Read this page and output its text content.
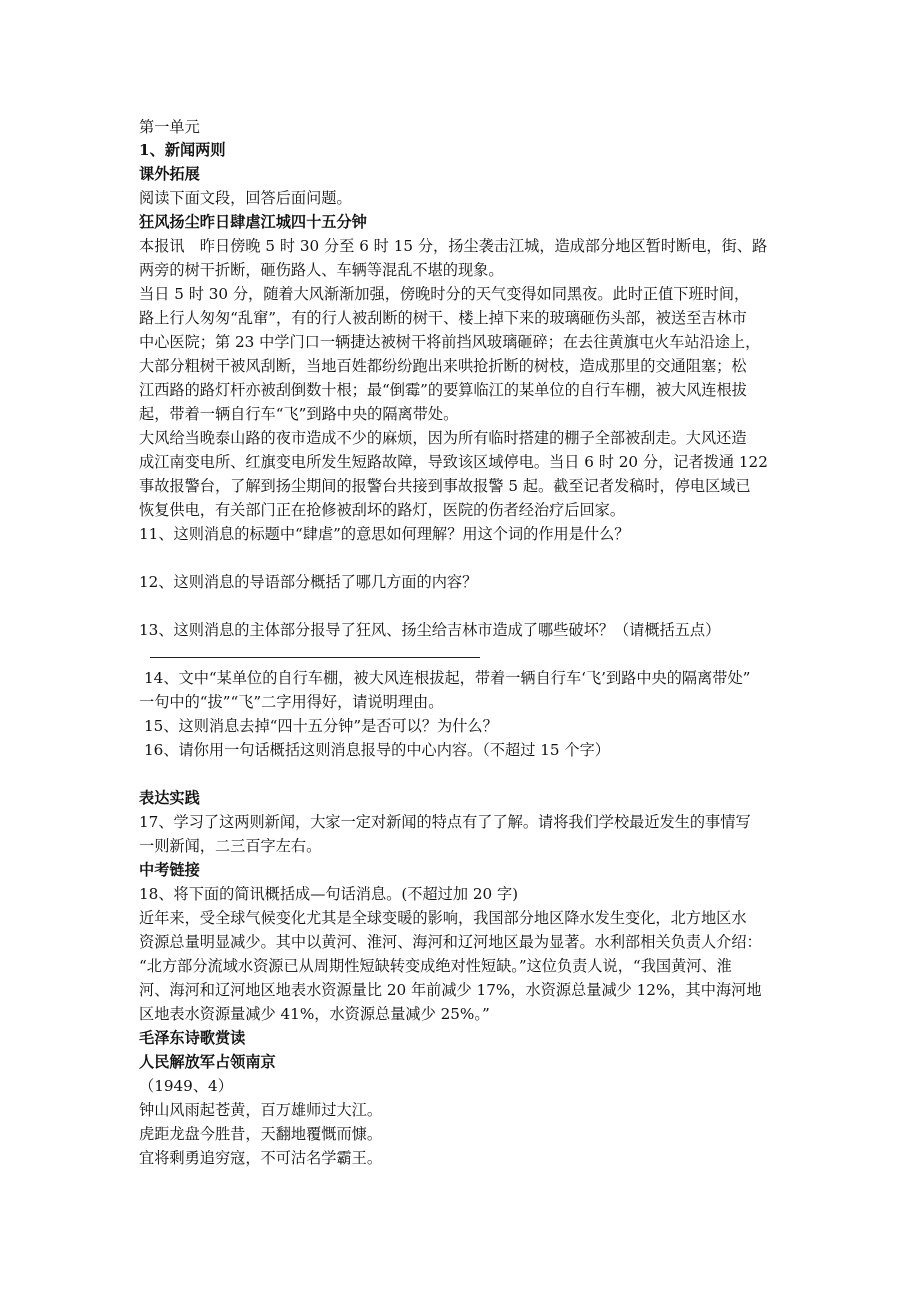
第一单元
1、新闻两则
课外拓展
阅读下面文段，回答后面问题。
狂风扬尘昨日肆虐江城四十五分钟
本报讯　昨日傍晚 5 时 30 分至 6 时 15 分，扬尘袭击江城，造成部分地区暂时断电，街、路
两旁的树干折断，砸伤路人、车辆等混乱不堪的现象。
当日 5 时 30 分，随着大风渐渐加强，傍晚时分的天气变得如同黑夜。此时正值下班时间，
路上行人匆匆“乱窜”，有的行人被刮断的树干、楼上掉下来的玻璃砸伤头部，被送至吉林市
中心医院；第 23 中学门口一辆捷达被树干将前挡风玻璃砸碎；在去往黄旗屯火车站沿途上，
大部分粗树干被风刮断，当地百姓都纷纷跑出来哄抢折断的树枝，造成那里的交通阻塞；松
江西路的路灯杆亦被刮倒数十根；最“倒霉”的要算临江的某单位的自行车棚，被大风连根拔
起，带着一辆自行车“飞”到路中央的隔离带处。
大风给当晚泰山路的夜市造成不少的麻烦，因为所有临时搭建的棚子全部被刮走。大风还造
成江南变电所、红旗变电所发生短路故障，导致该区域停电。当日 6 时 20 分，记者拨通 122
事故报警台，了解到扬尘期间的报警台共接到事故报警 5 起。截至记者发稿时，停电区域已
恢复供电，有关部门正在抢修被刮坏的路灯，医院的伤者经治疗后回家。
11、这则消息的标题中“肆虐”的意思如何理解？用这个词的作用是什么？
12、这则消息的导语部分概括了哪几方面的内容？
13、这则消息的主体部分报导了狂风、扬尘给吉林市造成了哪些破坏？（请概括五点）
14、文中“某单位的自行车棚，被大风连根拔起，带着一辆自行车‘飞’到路中央的隔离带处”
一句中的“拔”“飞”二字用得好，请说明理由。
15、这则消息去掉“四十五分钟”是否可以？为什么？
16、请你用一句话概括这则消息报导的中心内容。（不超过 15 个字）
表达实践
17、学习了这两则新闻，大家一定对新闻的特点有了了解。请将我们学校最近发生的事情写
一则新闻，二三百字左右。
中考链接
18、将下面的简讯概括成—句话消息。(不超过加 20 字)
近年来，受全球气候变化尤其是全球变暖的影响，我国部分地区降水发生变化，北方地区水
资源总量明显减少。其中以黄河、淮河、海河和辽河地区最为显著。水利部相关负责人介绍：
“北方部分流域水资源已从周期性短缺转变成绝对性短缺。”这位负责人说，“我国黄河、淮
河、海河和辽河地区地表水资源量比 20 年前减少 17%，水资源总量减少 12%，其中海河地
区地表水资源量减少 41%，水资源总量减少 25%。”
毛泽东诗歌赏读
人民解放军占领南京
（1949、4）
钟山风雨起苍黄，百万雄师过大江。
虎距龙盘今胜昔，天翻地覆慨而慷。
宜将剩勇追穷寇，不可沽名学霸王。
